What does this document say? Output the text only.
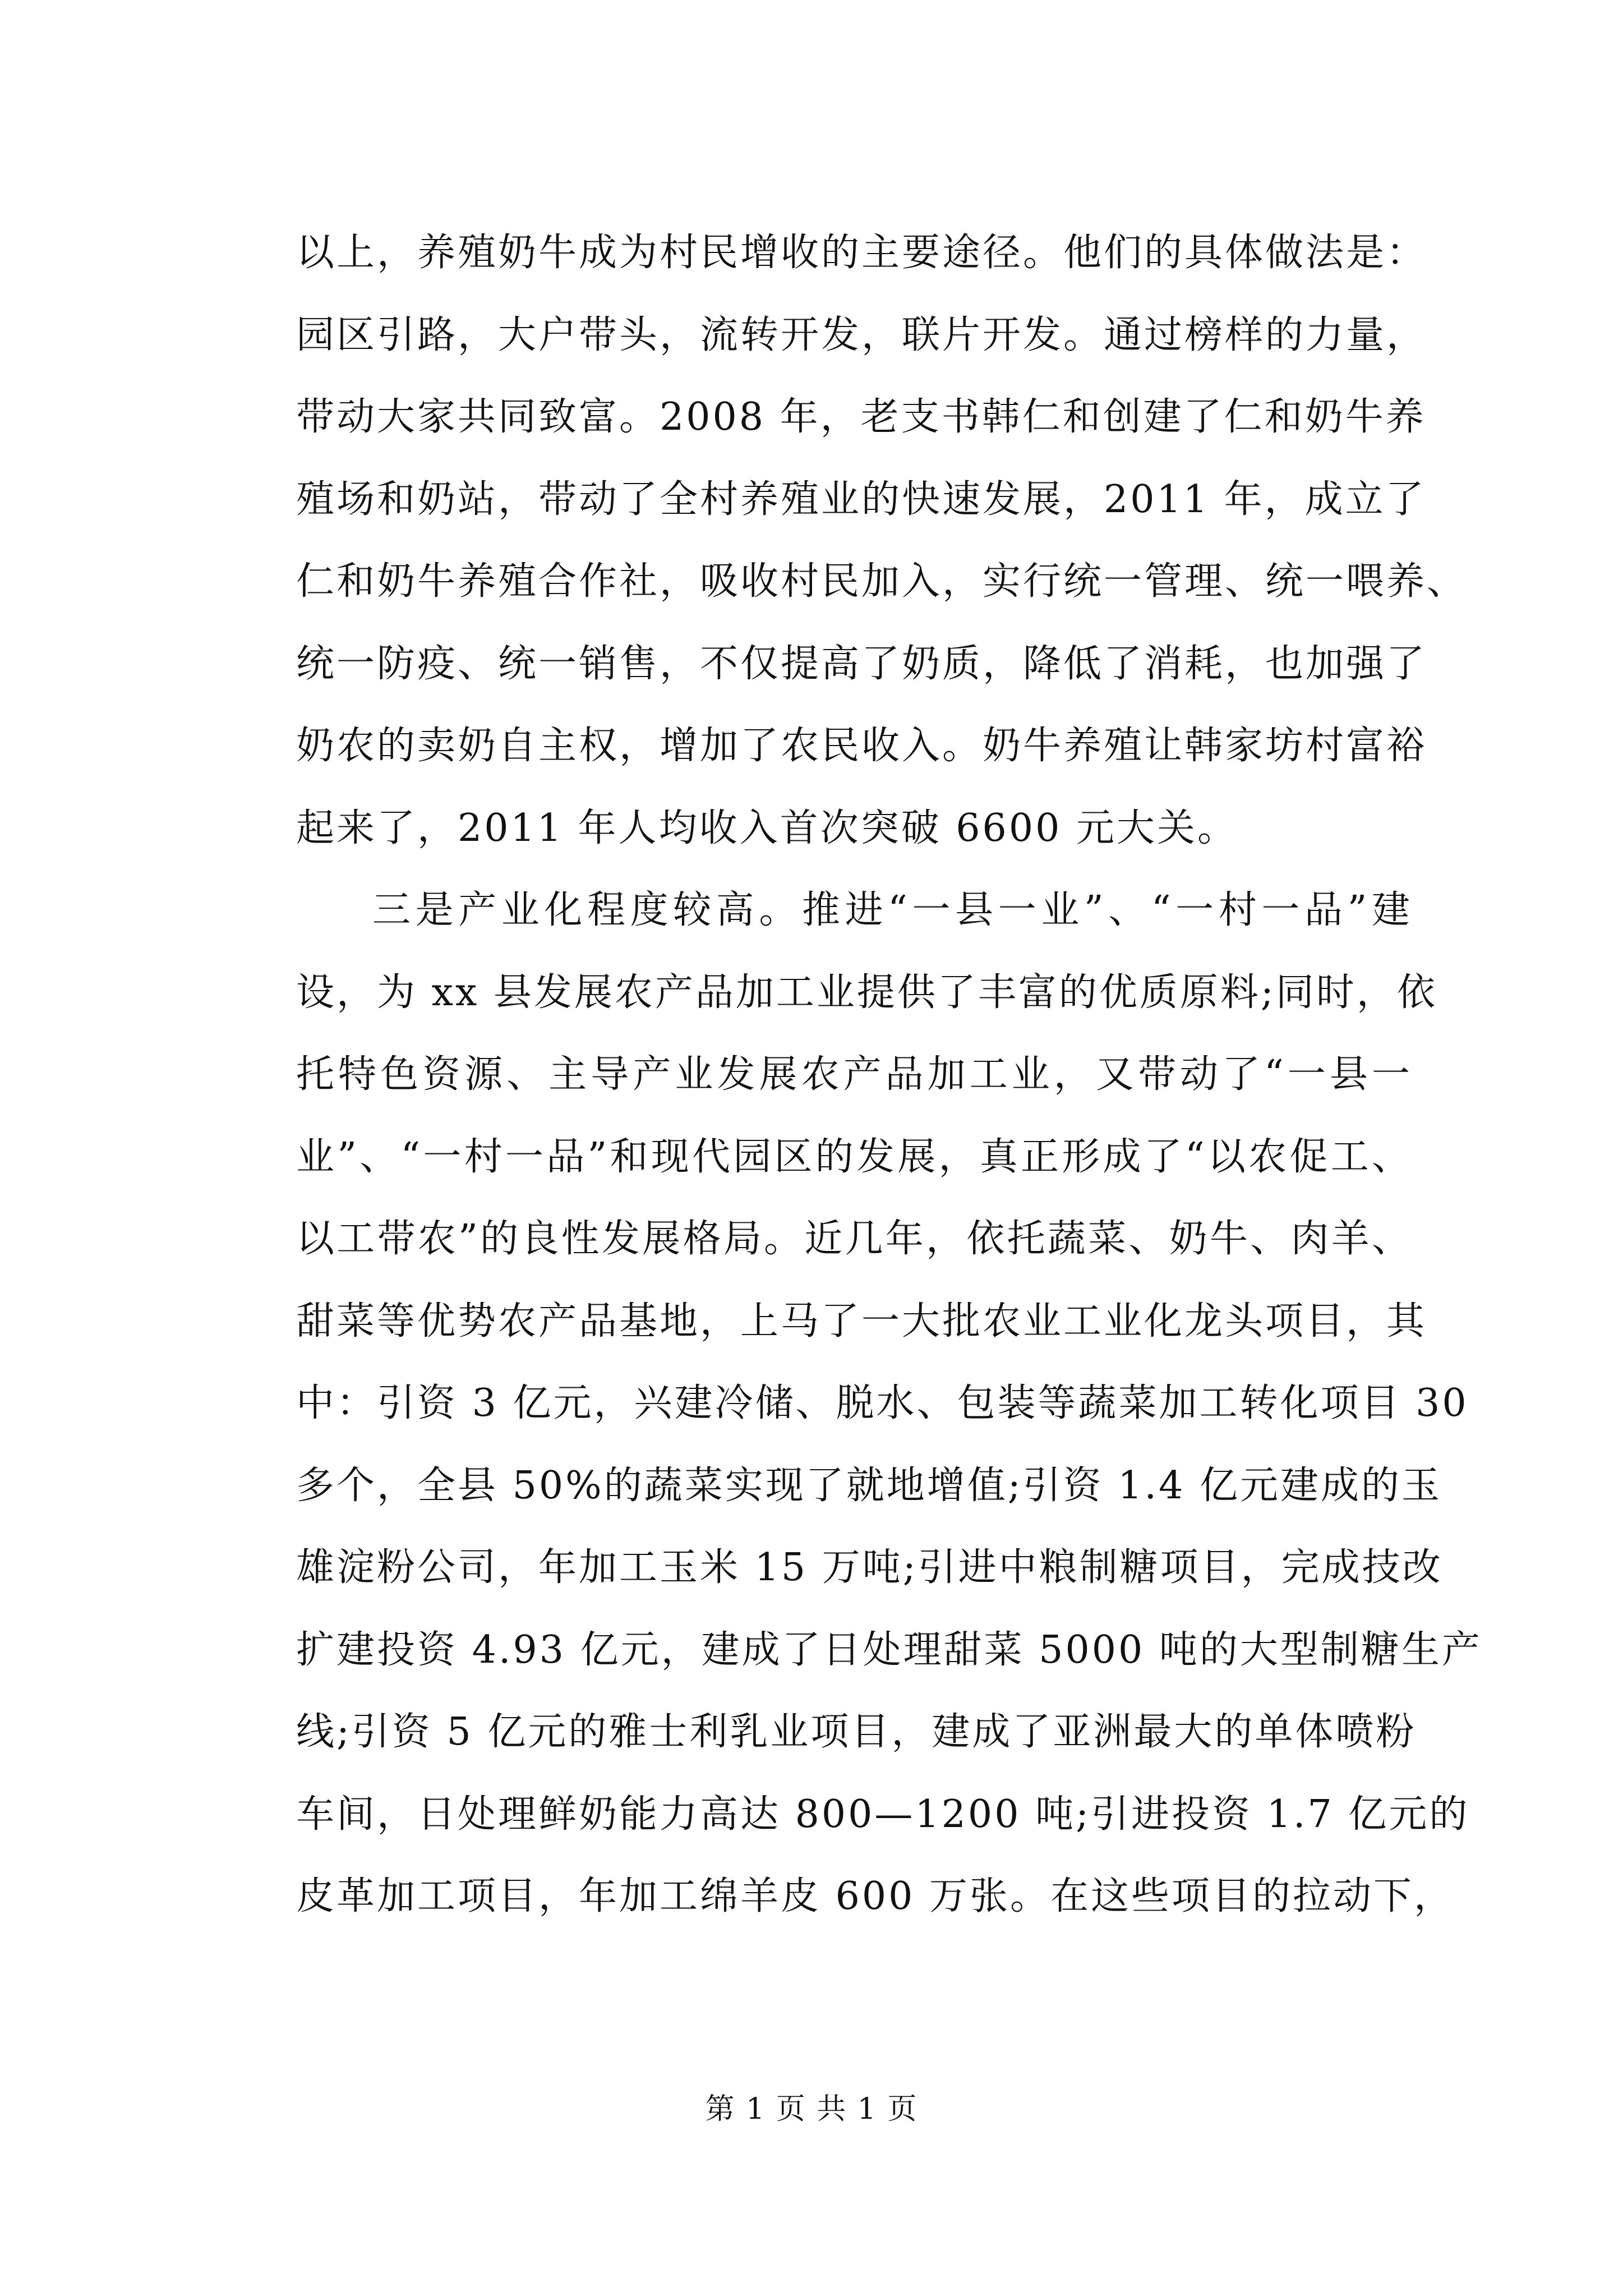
以上，养殖奶牛成为村民增收的主要途径。他们的具体做法是：
园区引路，大户带头，流转开发，联片开发。通过榜样的力量，
带动大家共同致富。2008 年，老支书韩仁和创建了仁和奶牛养
殖场和奶站，带动了全村养殖业的快速发展，2011 年，成立了
仁和奶牛养殖合作社，吸收村民加入，实行统一管理、统一喂养、
统一防疫、统一销售，不仅提高了奶质，降低了消耗，也加强了
奶农的卖奶自主权，增加了农民收入。奶牛养殖让韩家坊村富裕
起来了，2011 年人均收入首次突破 6600 元大关。
三是产业化程度较高。推进“一县一业”、“一村一品”建
设，为 xx 县发展农产品加工业提供了丰富的优质原料;同时，依
托特色资源、主导产业发展农产品加工业，又带动了“一县一
业”、“一村一品”和现代园区的发展，真正形成了“以农促工、
以工带农”的良性发展格局。近几年，依托蔬菜、奶牛、肉羊、
甜菜等优势农产品基地，上马了一大批农业工业化龙头项目，其
中：引资 3 亿元，兴建冷储、脱水、包装等蔬菜加工转化项目 30
多个，全县 50%的蔬菜实现了就地增值;引资 1.4 亿元建成的玉
雄淀粉公司，年加工玉米 15 万吨;引进中粮制糖项目，完成技改
扩建投资 4.93 亿元，建成了日处理甜菜 5000 吨的大型制糖生产
线;引资 5 亿元的雅士利乳业项目，建成了亚洲最大的单体喷粉
车间，日处理鲜奶能力高达 800—1200 吨;引进投资 1.7 亿元的
皮革加工项目，年加工绵羊皮 600 万张。在这些项目的拉动下，
第 1 页 共 1 页
